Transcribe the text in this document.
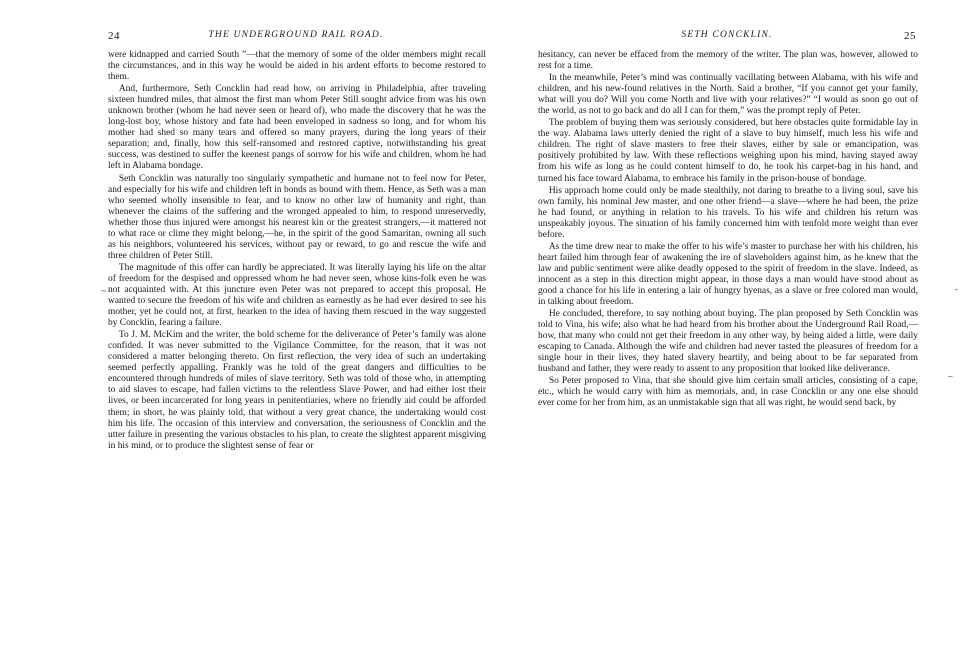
24	THE UNDERGROUND RAIL ROAD.

were kidnapped and carried South ”—that the memory of some of the older members might recall the circumstances, and in this way he would be aided in his ardent efforts to become restored to them.

And, furthermore, Seth Concklin had read how, on arriving in Philadelphia, after traveling sixteen hundred miles, that almost the first man whom Peter Still sought advice from was his own unknown brother (whom he had never seen or heard of), who made the discovery that he was the long-lost boy, whose history and fate had been enveloped in sadness so long, and for whom his mother had shed so many tears and offered so many prayers, during the long years of their separation; and, finally, how this self-ransomed and restored captive, notwithstanding his great success, was destined to suffer the keenest pangs of sorrow for his wife and children, whom he had left in Alabama bondage.

Seth Concklin was naturally too singularly sympathetic and humane not to feel now for Peter, and especially for his wife and children left in bonds as bound with them. Hence, as Seth was a man who seemed wholly insensible to fear, and to know no other law of humanity and right, than whenever the claims of the suffering and the wronged appealed to him, to respond unreservedly, whether those thus injured were amongst his nearest kin or the greatest strangers,—it mattered not to what race or clime they might belong,—he, in the spirit of the good Samaritan, owning all such as his neighbors, volunteered his services, without pay or reward, to go and rescue the wife and three children of Peter Still.

The magnitude of this offer can hardly be appreciated. It was literally laying his life on the altar of freedom for the despised and oppressed whom he had never seen, whose kins-folk even he was not acquainted with. At this juncture even Peter was not prepared to accept this proposal. He wanted to secure the freedom of his wife and children as earnestly as he had ever desired to see his mother, yet he could not, at first, hearken to the idea of having them rescued in the way suggested by Concklin, fearing a failure.

To J. M. McKim and the writer, the bold scheme for the deliverance of Peter’s family was alone confided. It was never submitted to the Vigilance Committee, for the reason, that it was not considered a matter belonging thereto. On first reflection, the very idea of such an undertaking seemed perfectly appalling. Frankly was he told of the great dangers and difficulties to be encountered through hundreds of miles of slave territory. Seth was told of those who, in attempting to aid slaves to escape, had fallen victims to the relentless Slave Power, and had either lost their lives, or been incarcerated for long years in penitentiaries, where no friendly aid could be afforded them; in short, he was plainly told, that without a very great chance, the undertaking would cost him his life. The occasion of this interview and conversation, the seriousness of Concklin and the utter failure in presenting the various obstacles to his plan, to create the slightest apparent misgiving in his mind, or to produce the slightest sense of fear or

SETH CONCKLIN.	25

hesitancy, can never be effaced from the memory of the writer. The plan was, however, allowed to rest for a time.

In the meanwhile, Peter’s mind was continually vacillating between Alabama, with his wife and children, and his new-found relatives in the North. Said a brother, “If you cannot get your family, what will you do? Will you come North and live with your relatives?” “I would as soon go out of the world, as not to go back and do all I can for them,” was the prompt reply of Peter.

The problem of buying them was seriously considered, but here obstacles quite formidable lay in the way. Alabama laws utterly denied the right of a slave to buy himself, much less his wife and children. The right of slave masters to free their slaves, either by sale or emancipation, was positively prohibited by law. With these reflections weighing upon his mind, having stayed away from his wife as long as he could content himself to do, he took his carpet-bag in his hand, and turned his face toward Alabama, to embrace his family in the prison-house of bondage.

His approach home could only be made stealthily, not daring to breathe to a living soul, save his own family, his nominal Jew master, and one other friend—a slave—where he had been, the prize he had found, or anything in relation to his travels. To his wife and children his return was unspeakably joyous. The situation of his family concerned him with tenfold more weight than ever before.

As the time drew near to make the offer to his wife’s master to purchase her with his children, his heart failed him through fear of awakening the ire of slaveholders against him, as he knew that the law and public sentiment were alike deadly opposed to the spirit of freedom in the slave. Indeed, as innocent as a step in this direction might appear, in those days a man would have stood about as good a chance for his life in entering a lair of hungry hyenas, as a slave or free colored man would, in talking about freedom.

He concluded, therefore, to say nothing about buying. The plan proposed by Seth Concklin was told to Vina, his wife; also what he had heard from his brother about the Underground Rail Road,—how, that many who could not get their freedom in any other way, by being aided a little, were daily escaping to Canada. Although the wife and children had never tasted the pleasures of freedom for a single hour in their lives, they hated slavery heartily, and being about to be far separated from husband and father, they were ready to assent to any proposition that looked like deliverance.

So Peter proposed to Vina, that she should give him certain small articles, consisting of a cape, etc., which he would carry with him as memorials, and, in case Concklin or any one else should ever come for her from him, as an unmistakable sign that all was right, he would send back, by

~	-
–
